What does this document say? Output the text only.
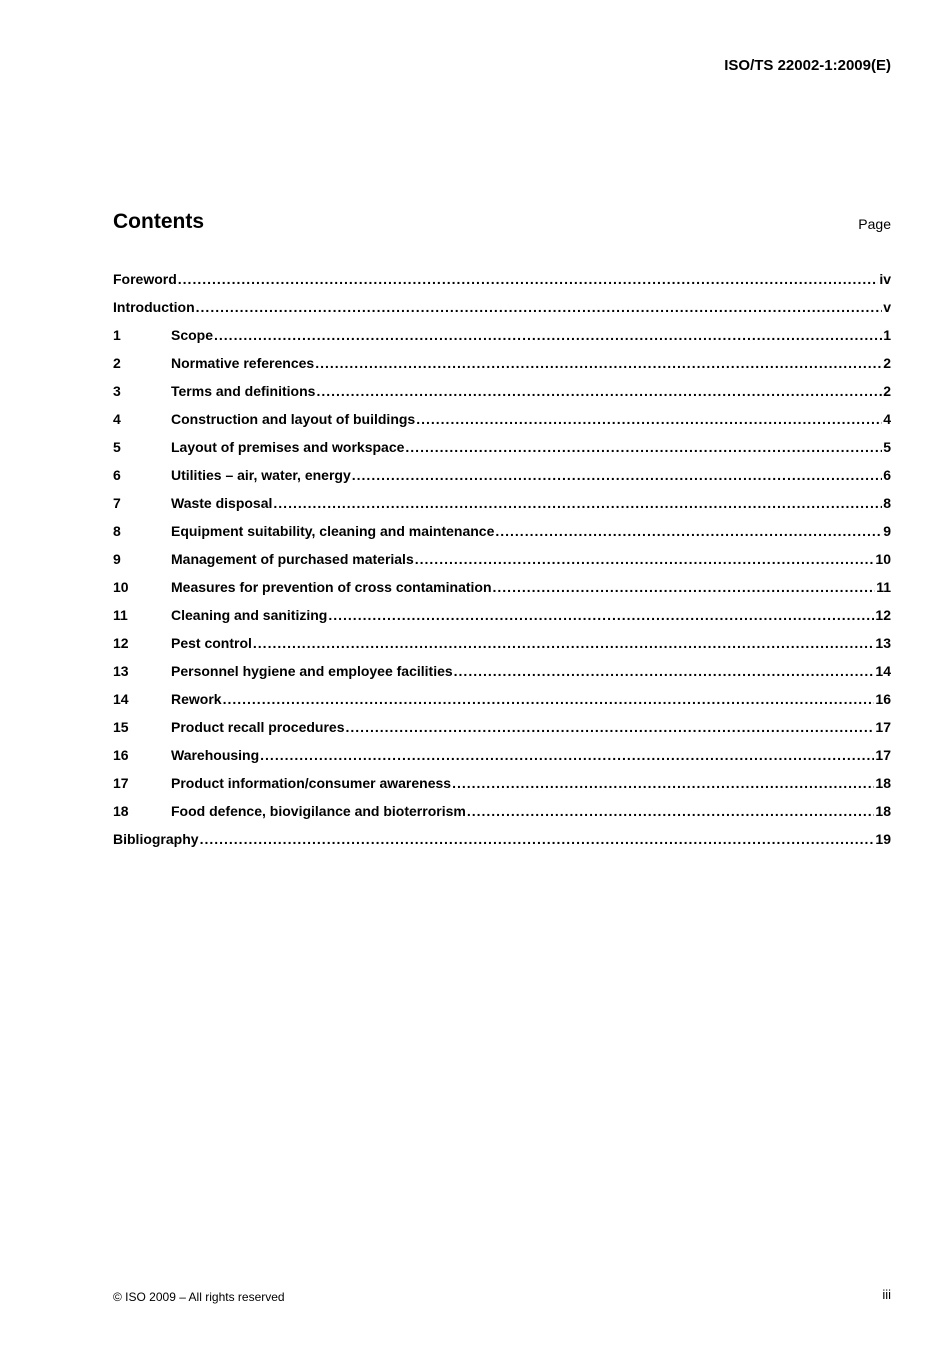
ISO/TS 22002-1:2009(E)
Contents	Page
Foreword .....	iv
Introduction .....	v
1	Scope .....	1
2	Normative references .....	2
3	Terms and definitions .....	2
4	Construction and layout of buildings .....	4
5	Layout of premises and workspace .....	5
6	Utilities – air, water, energy .....	6
7	Waste disposal .....	8
8	Equipment suitability, cleaning and maintenance .....	9
9	Management of purchased materials .....	10
10	Measures for prevention of cross contamination .....	11
11	Cleaning and sanitizing .....	12
12	Pest control .....	13
13	Personnel hygiene and employee facilities .....	14
14	Rework .....	16
15	Product recall procedures .....	17
16	Warehousing .....	17
17	Product information/consumer awareness .....	18
18	Food defence, biovigilance and bioterrorism .....	18
Bibliography .....	19
© ISO 2009 – All rights reserved	iii
